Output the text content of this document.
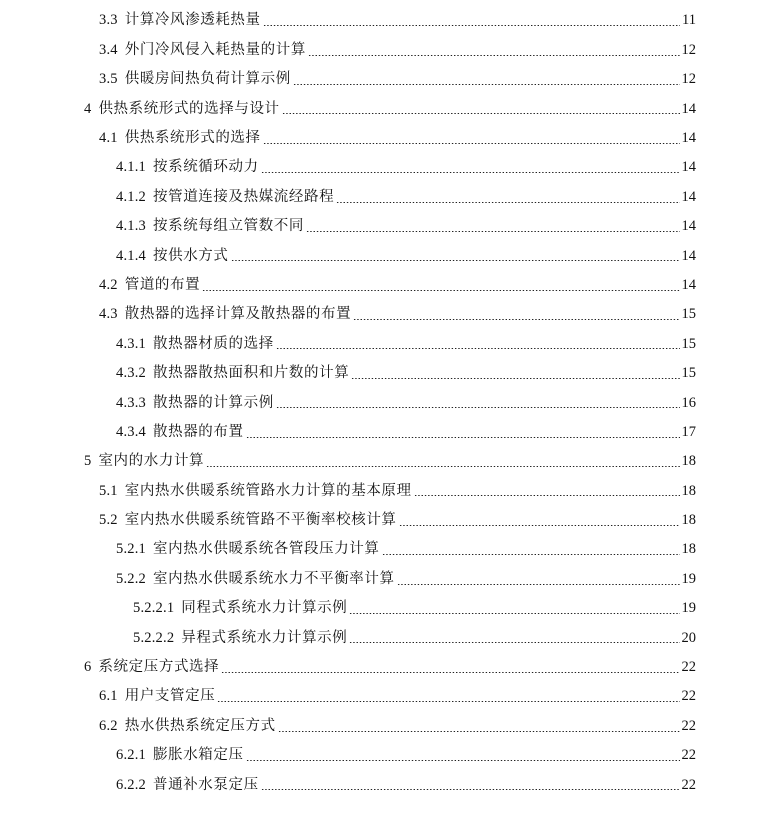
3.3 计算冷风渗透耗热量	11
3.4 外门冷风侵入耗热量的计算	12
3.5 供暖房间热负荷计算示例	12
4 供热系统形式的选择与设计	14
4.1 供热系统形式的选择	14
4.1.1 按系统循环动力	14
4.1.2 按管道连接及热媒流经路程	14
4.1.3 按系统每组立管数不同	14
4.1.4 按供水方式	14
4.2 管道的布置	14
4.3 散热器的选择计算及散热器的布置	15
4.3.1 散热器材质的选择	15
4.3.2 散热器散热面积和片数的计算	15
4.3.3 散热器的计算示例	16
4.3.4 散热器的布置	17
5 室内的水力计算	18
5.1 室内热水供暖系统管路水力计算的基本原理	18
5.2 室内热水供暖系统管路不平衡率校核计算	18
5.2.1 室内热水供暖系统各管段压力计算	18
5.2.2 室内热水供暖系统水力不平衡率计算	19
5.2.2.1 同程式系统水力计算示例	19
5.2.2.2 异程式系统水力计算示例	20
6 系统定压方式选择	22
6.1 用户支管定压	22
6.2 热水供热系统定压方式	22
6.2.1 膨胀水箱定压	22
6.2.2 普通补水泵定压	22
